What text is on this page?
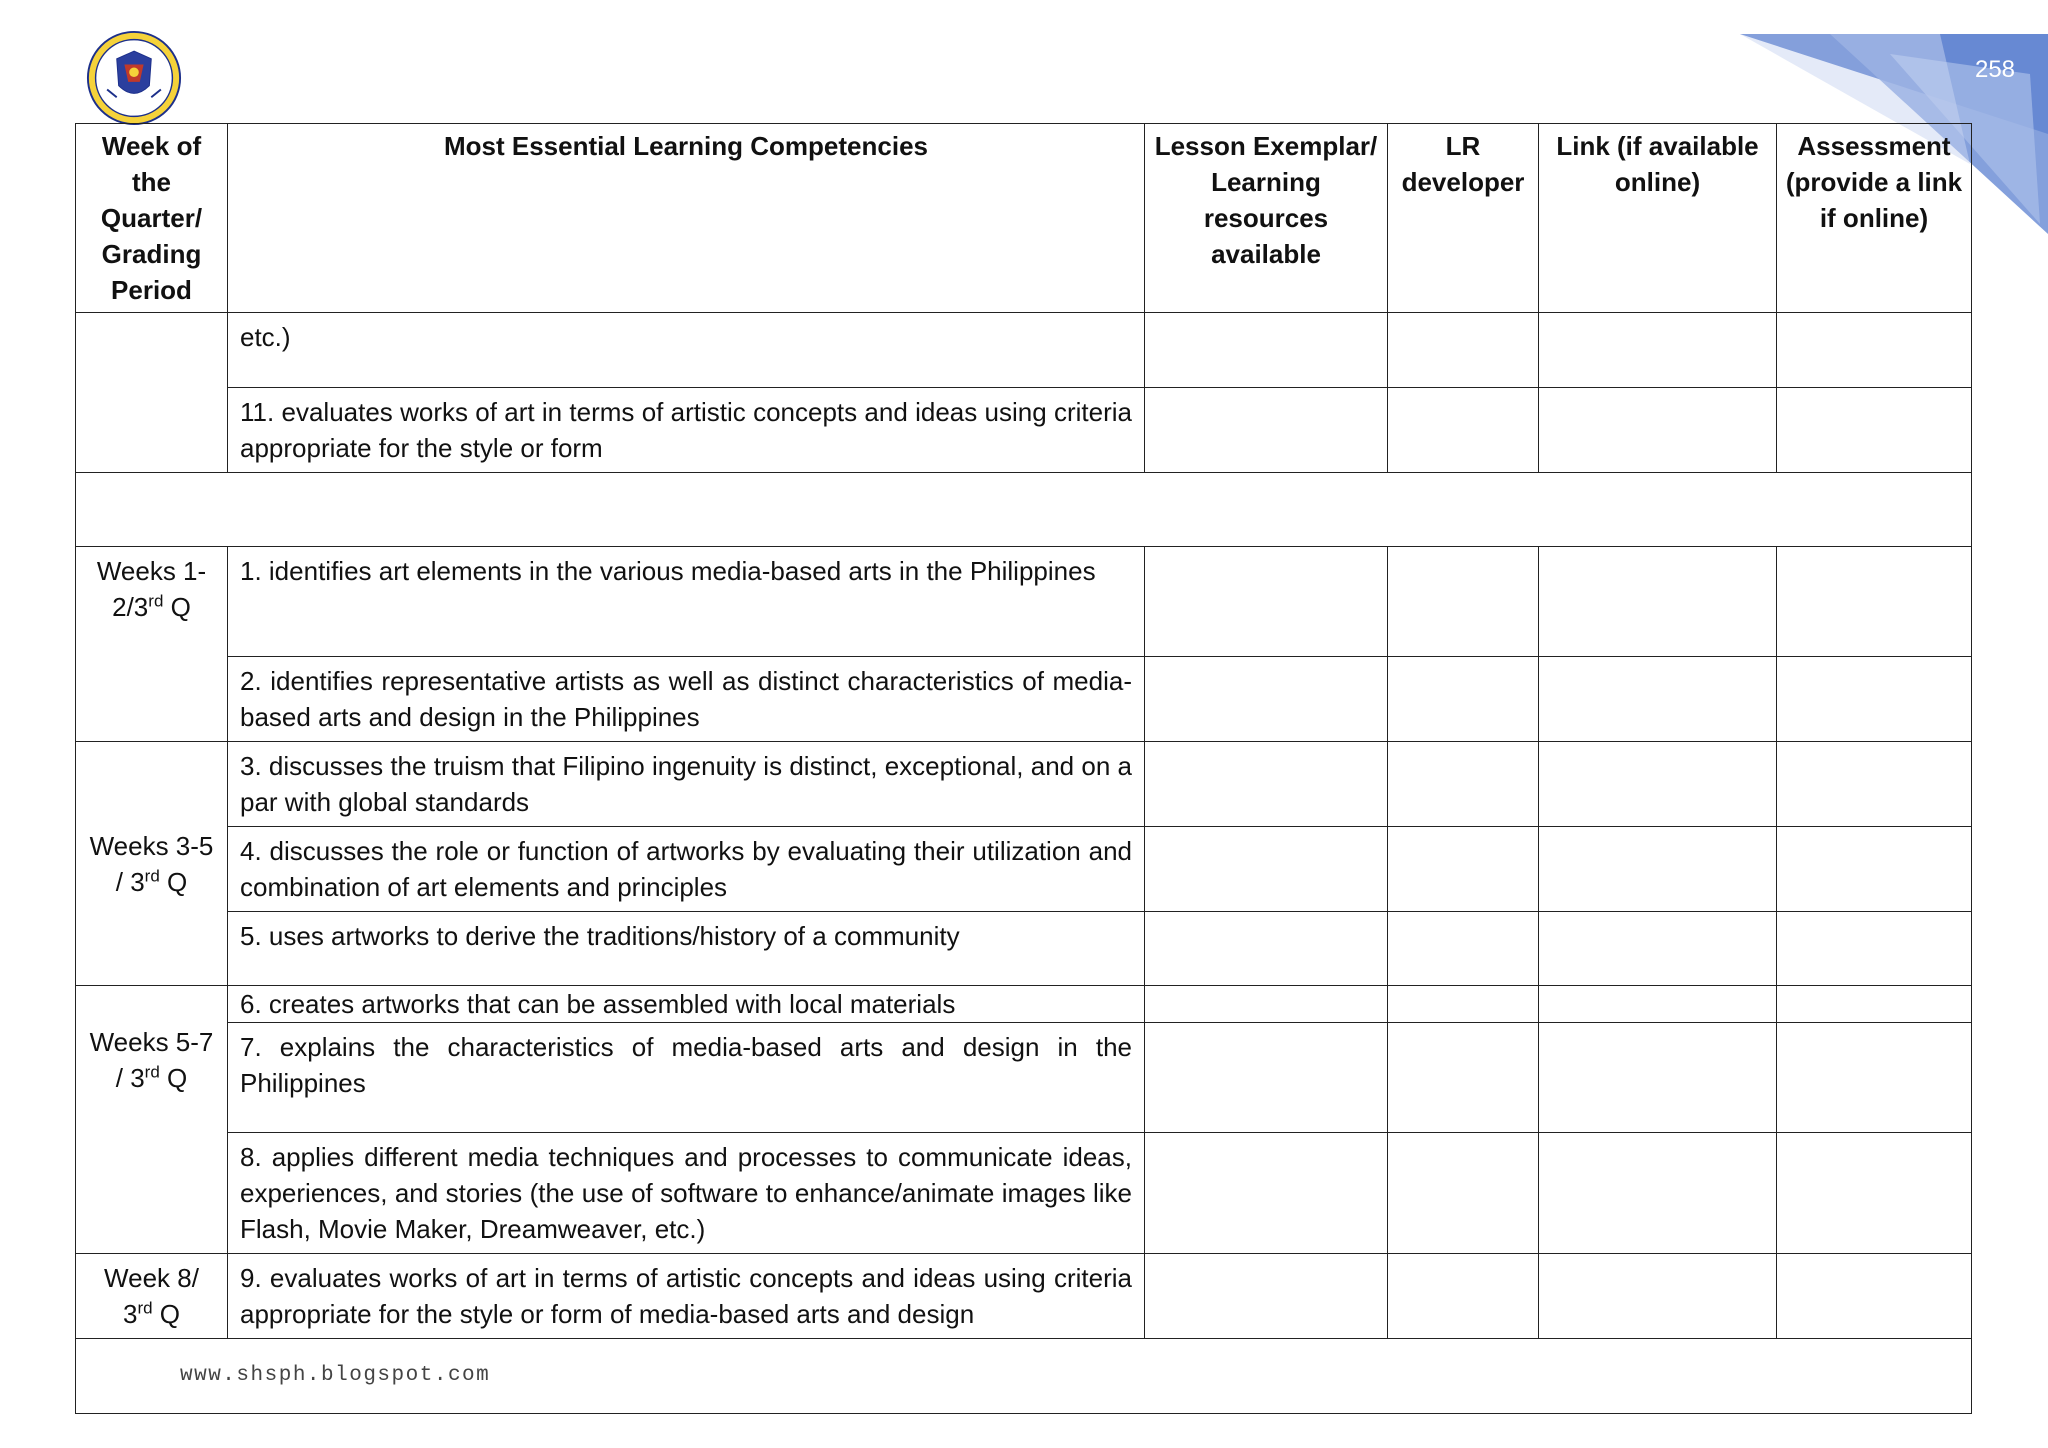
258
Week of the Quarter/ Grading Period	Most Essential Learning Competencies	Lesson Exemplar/ Learning resources available	LR developer	Link (if available online)	Assessment (provide a link if online)
	etc.)				
	11. evaluates works of art in terms of artistic concepts and ideas using criteria appropriate for the style or form				

Weeks 1-2/3rd Q	1. identifies art elements in the various media-based arts in the Philippines				
	2. identifies representative artists as well as distinct characteristics of media-based arts and design in the Philippines				
Weeks 3-5 / 3rd Q	3. discusses the truism that Filipino ingenuity is distinct, exceptional, and on a par with global standards				
	4. discusses the role or function of artworks by evaluating their utilization and combination of art elements and principles				
	5. uses artworks to derive the traditions/history of a community				
Weeks 5-7 / 3rd Q	6. creates artworks that can be assembled with local materials				
	7. explains the characteristics of media-based arts and design in the Philippines				
	8. applies different media techniques and processes to communicate ideas, experiences, and stories (the use of software to enhance/animate images like Flash, Movie Maker, Dreamweaver, etc.)				
Week 8/ 3rd Q	9. evaluates works of art in terms of artistic concepts and ideas using criteria appropriate for the style or form of media-based arts and design				

www.shsph.blogspot.com
